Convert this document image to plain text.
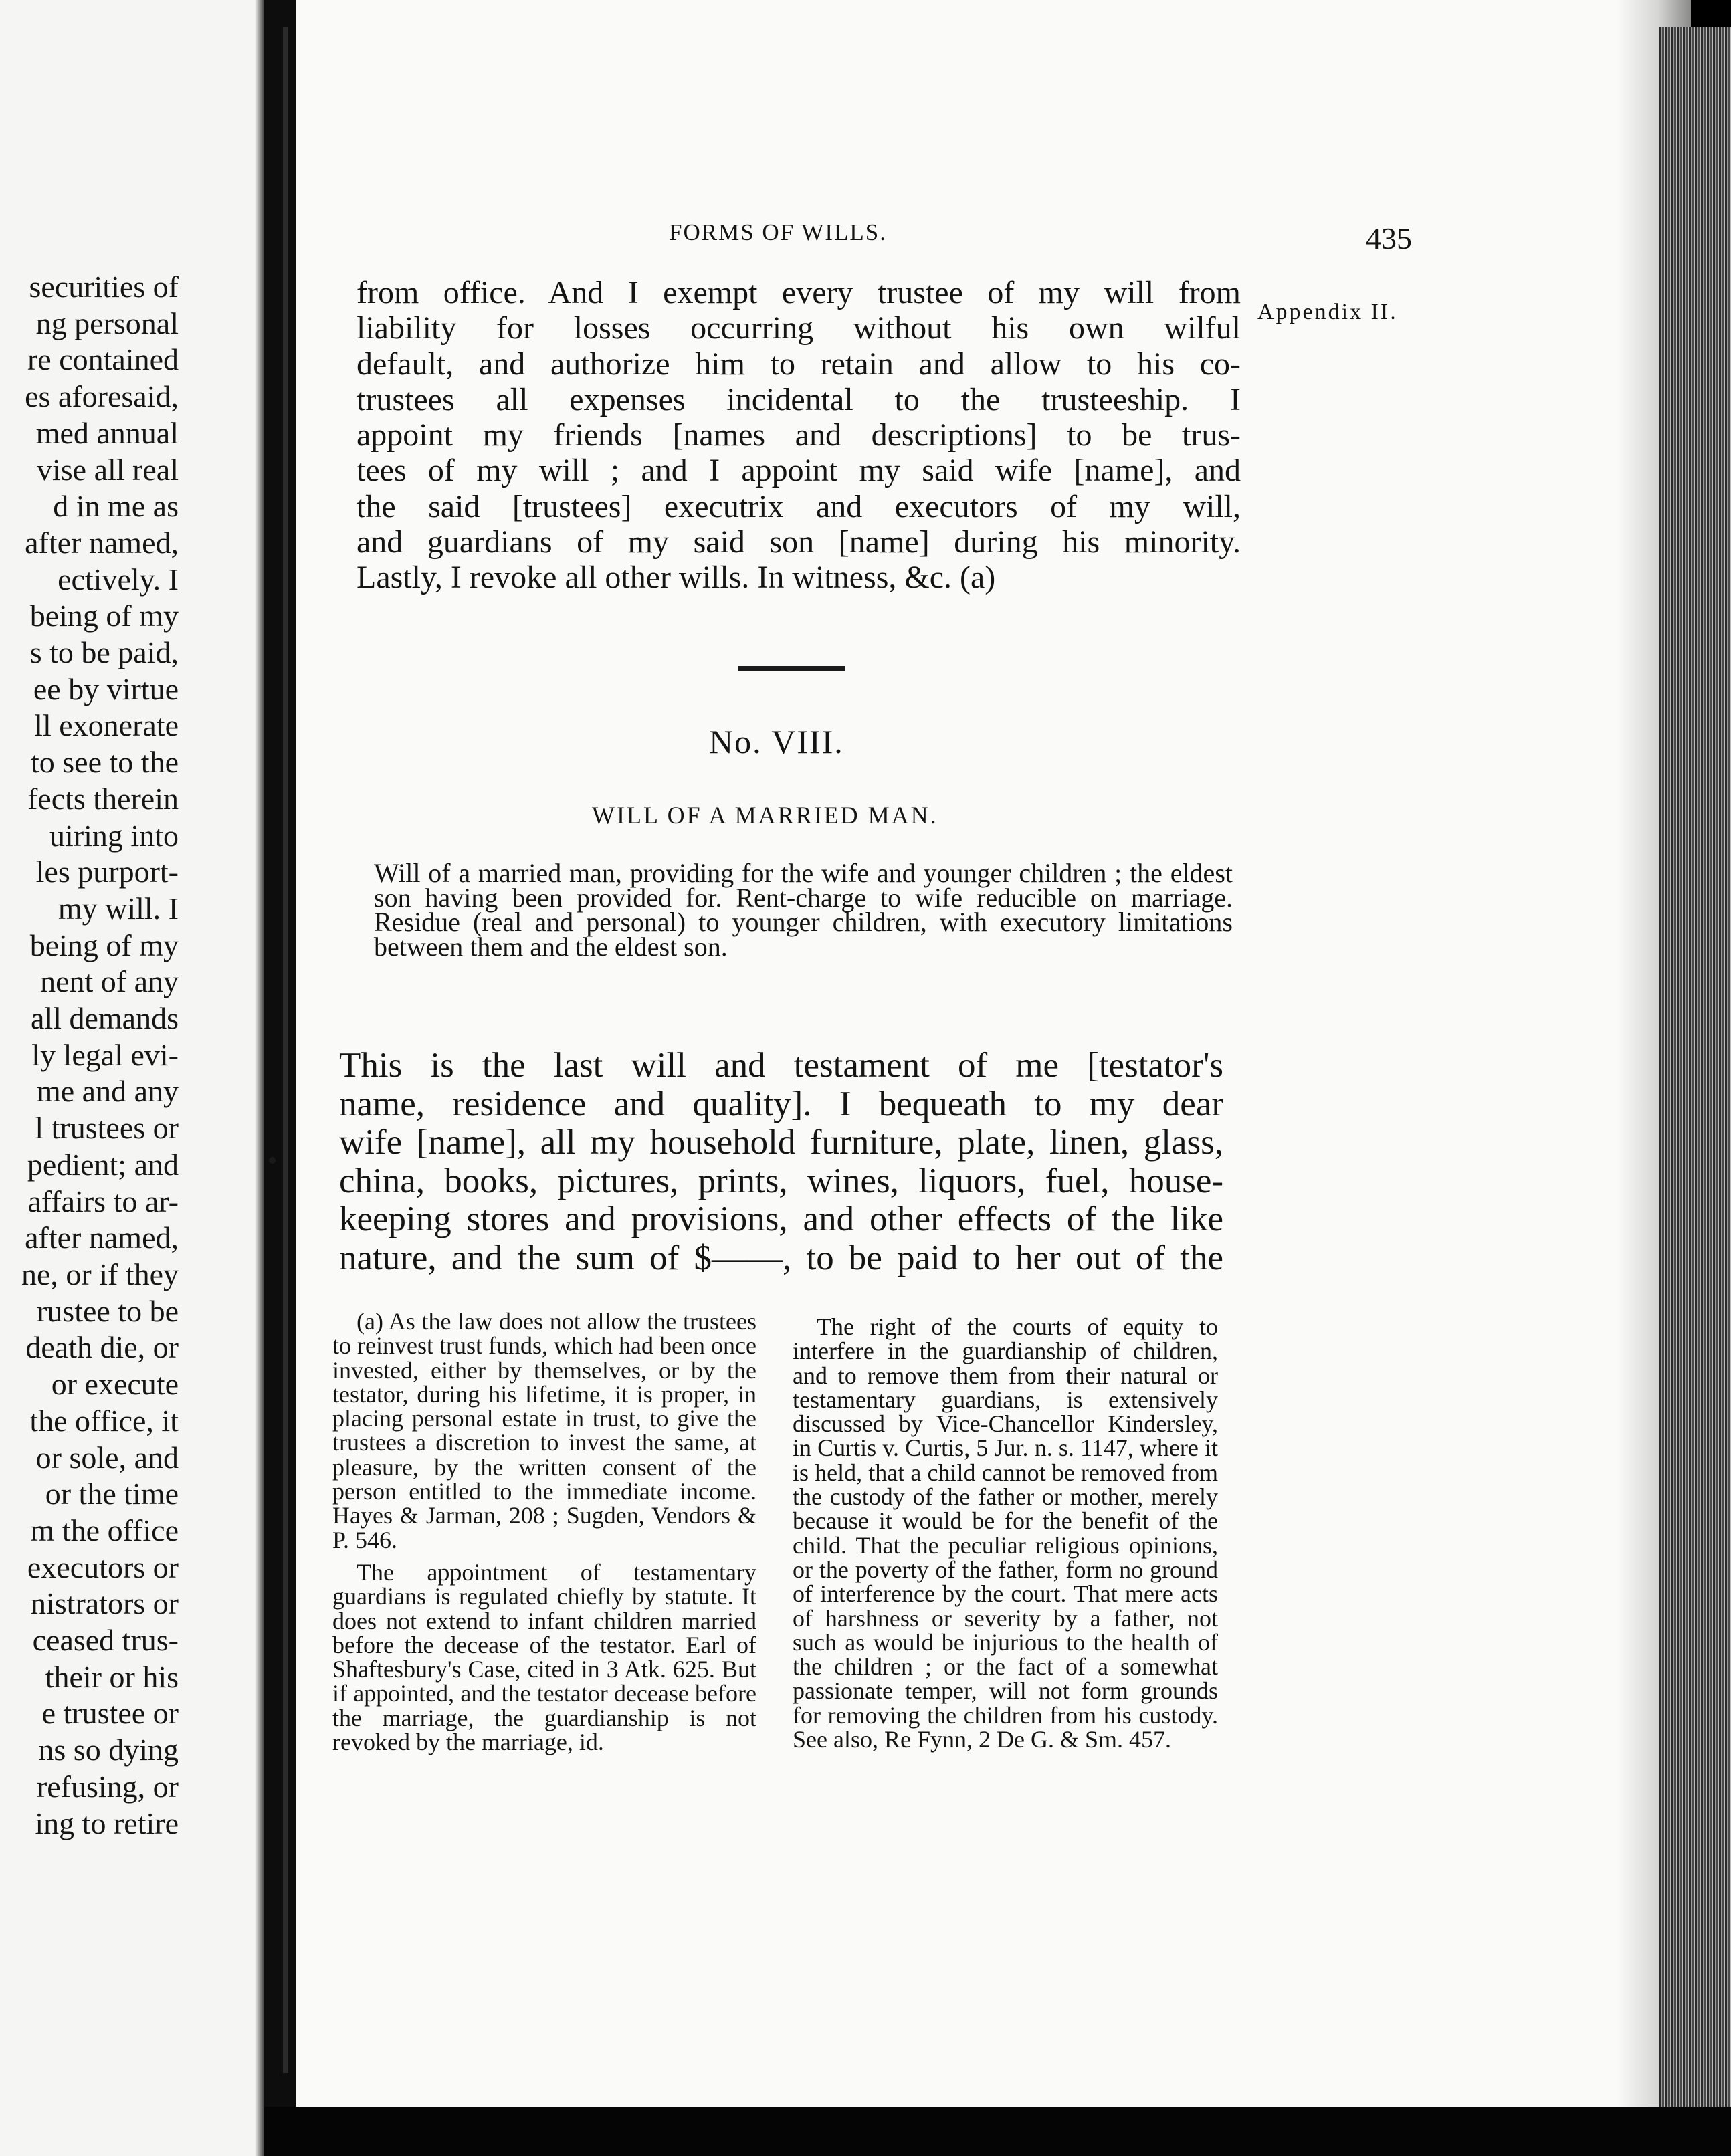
securities of
ng personal
re contained
es aforesaid,
med annual
vise all real
d in me as
after named,
ectively. I
being of my
s to be paid,
ee by virtue
ll exonerate
to see to the
fects therein
uiring into
les purport-
my will. I
being of my
nent of any
all demands
ly legal evi-
me and any
l trustees or
pedient; and
affairs to ar-
after named,
ne, or if they
rustee to be
death die, or
or execute
the office, it
or sole, and
or the time
m the office
executors or
nistrators or
ceased trus-
their or his
e trustee or
ns so dying
refusing, or
ing to retire
FORMS OF WILLS.	435
Appendix II.

from office. And I exempt every trustee of my will from

liability for losses occurring without his own wilful

default, and authorize him to retain and allow to his co-

trustees all expenses incidental to the trusteeship. I

appoint my friends [names and descriptions] to be trus-

tees of my will ; and I appoint my said wife [name], and

the said [trustees] executrix and executors of my will,

and guardians of my said son [name] during his minority.

Lastly, I revoke all other wills. In witness, &c. (a)

No. VIII.
WILL OF A MARRIED MAN.

Will of a married man, providing for the wife and younger children ; the eldest son having been provided for. Rent-charge to wife reducible on marriage. Residue (real and personal) to younger children, with executory limitations between them and the eldest son.

This is the last will and testament of me [testator's

name, residence and quality]. I bequeath to my dear

wife [name], all my household furniture, plate, linen, glass,

china, books, pictures, prints, wines, liquors, fuel, house-

keeping stores and provisions, and other effects of the like

nature, and the sum of $——, to be paid to her out of the

(a) As the law does not allow the trustees to reinvest trust funds, which had been once invested, either by themselves, or by the testator, during his lifetime, it is proper, in placing personal estate in trust, to give the trustees a discretion to invest the same, at pleasure, by the written consent of the person entitled to the immediate income. Hayes & Jarman, 208 ; Sugden, Vendors & P. 546.

The appointment of testamentary guardians is regulated chiefly by statute. It does not extend to infant children married before the decease of the testator. Earl of Shaftesbury's Case, cited in 3 Atk. 625. But if appointed, and the testator decease before the marriage, the guardianship is not revoked by the marriage, id.

The right of the courts of equity to interfere in the guardianship of children, and to remove them from their natural or testamentary guardians, is extensively discussed by Vice-Chancellor Kindersley, in Curtis v. Curtis, 5 Jur. n. s. 1147, where it is held, that a child cannot be removed from the custody of the father or mother, merely because it would be for the benefit of the child. That the peculiar religious opinions, or the poverty of the father, form no ground of interference by the court. That mere acts of harshness or severity by a father, not such as would be injurious to the health of the children ; or the fact of a somewhat passionate temper, will not form grounds for removing the children from his custody. See also, Re Fynn, 2 De G. & Sm. 457.
